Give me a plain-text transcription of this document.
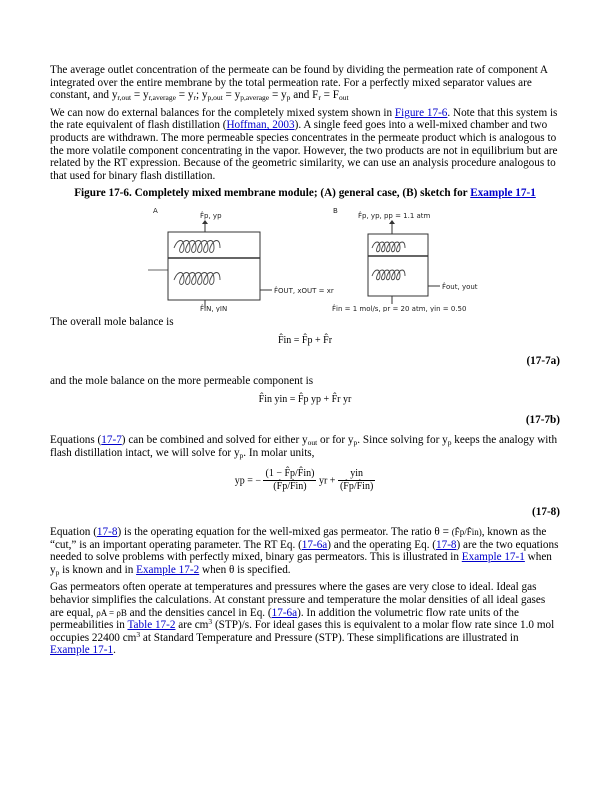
The average outlet concentration of the permeate can be found by dividing the permeation rate of component A integrated over the entire membrane by the total permeation rate. For a perfectly mixed separator values are constant, and $y_{r,out} = y_{r,average} = y_r$; $y_{p,out} = y_{p,average} = y_p$ and $F_r = F_{out}$

We can now do external balances for the completely mixed system shown in Figure 17-6. Note that this system is the rate equivalent of flash distillation (Hoffman, 2003). A single feed goes into a well-mixed chamber and two products are withdrawn. The more permeable species concentrates in the permeate product which is analogous to the more volatile component concentrating in the vapor. However, the two products are not in equilibrium but are related by the RT expression. Because of the geometric similarity, we can use an analysis procedure analogous to that used for binary flash distillation.

Figure 17-6. Completely mixed membrane module; (A) general case, (B) sketch for Example 17-1
A
F̂p, yp
F̂OUT, xOUT = xr
F̂IN, yIN
B
F̂p, yp, pp = 1.1 atm
F̂out, yout
F̂in = 1 mol/s, pr = 20 atm, yin = 0.50

The overall mole balance is

F̂in = F̂p + F̂r
(17-7a)

and the mole balance on the more permeable component is

F̂in yin = F̂p yp + F̂r yr
(17-7b)

Equations (17-7) can be combined and solved for either $y_{out}$ or for $y_p$. Since solving for $y_p$ keeps the analogy with flash distillation intact, we will solve for $y_p$. In molar units,

yp = − $\frac{(1 - F̂p/F̂in)}{(F̂p/F̂in)}$ yr + $\frac{\text{yin}}{(F̂p/F̂in)}$
(17-8)

Equation (17-8) is the operating equation for the well-mixed gas permeator. The ratio θ = (F̂p/F̂in), known as the “cut,” is an important operating parameter. The RT Eq. (17-6a) and the operating Eq. (17-8) are the two equations needed to solve problems with perfectly mixed, binary gas permeators. This is illustrated in Example 17-1 when $y_p$ is known and in Example 17-2 when θ is specified.

Gas permeators often operate at temperatures and pressures where the gases are very close to ideal. Ideal gas behavior simplifies the calculations. At constant pressure and temperature the molar densities of all ideal gases are equal, ρA = ρB and the densities cancel in Eq. (17-6a). In addition the volumetric flow rate units of the permeabilities in Table 17-2 are $cm^3$ (STP)/s. For ideal gases this is equivalent to a molar flow rate since 1.0 mol occupies 22400 $cm^3$ at Standard Temperature and Pressure (STP). These simplifications are illustrated in Example 17-1.
